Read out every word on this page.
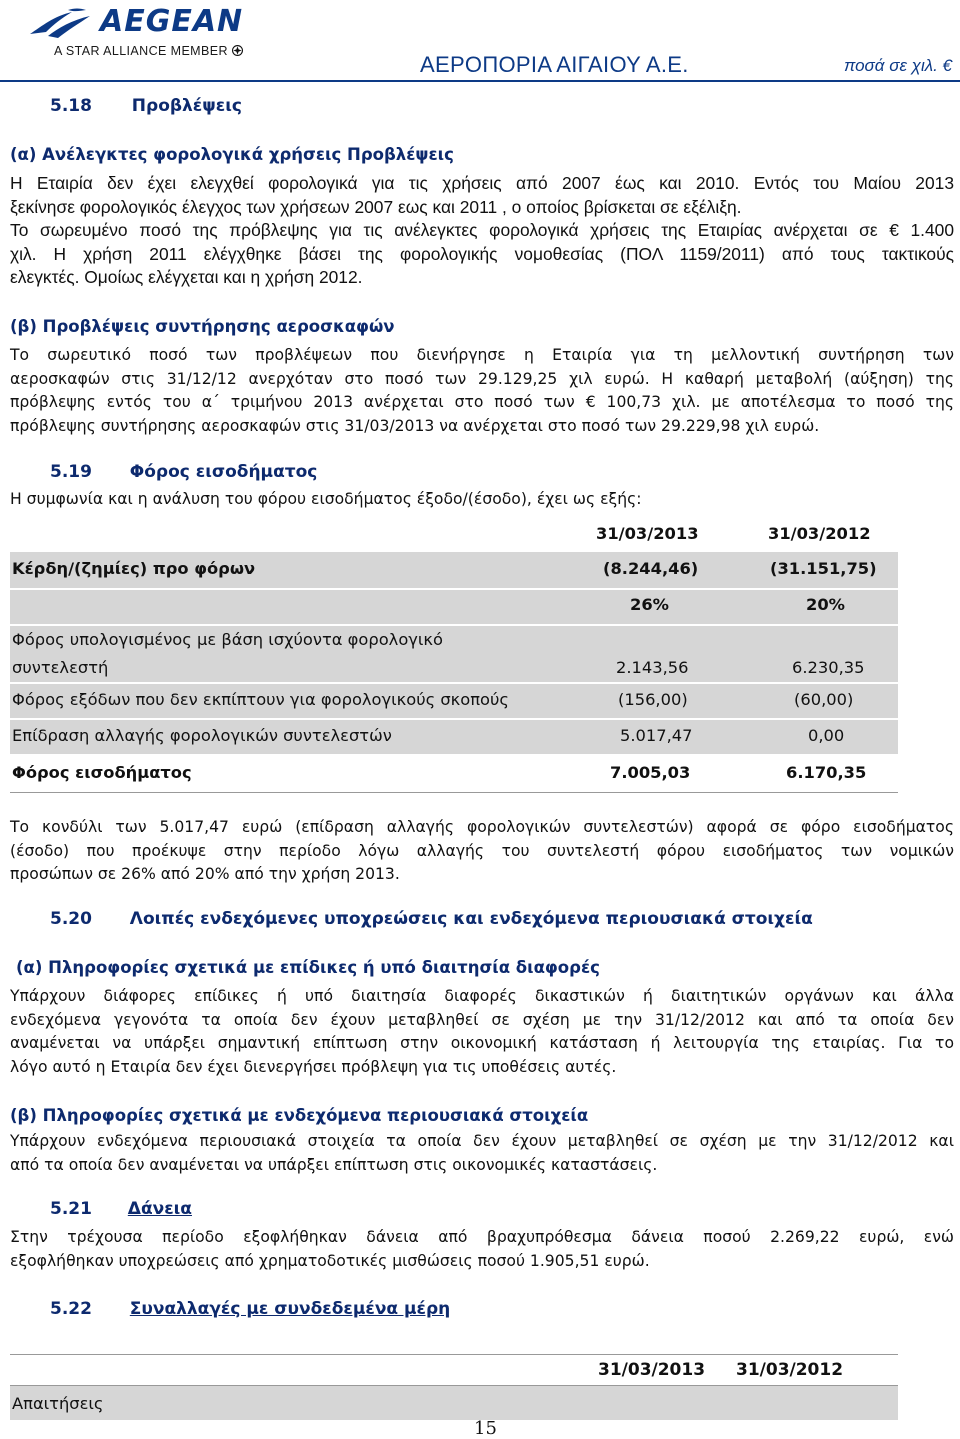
AEGEAN
A STAR ALLIANCE MEMBER
ΑΕΡΟΠΟΡΙΑ ΑΙΓΑΙΟΥ Α.Ε.	ποσά σε χιλ. €
5.18 Προβλέψεις
(α) Ανέλεγκτες φορολογικά χρήσεις Προβλέψεις
Η Εταιρία δεν έχει ελεγχθεί φορολογικά για τις χρήσεις από 2007 έως και 2010. Εντός του Μαίου 2013
ξεκίνησε φορολογικός έλεγχος των χρήσεων 2007 εως και 2011 , ο οποίος βρίσκεται σε εξέλιξη.
Το σωρευμένο ποσό της πρόβλεψης για τις ανέλεγκτες φορολογικά χρήσεις της Εταιρίας ανέρχεται σε € 1.400
χιλ. Η χρήση 2011 ελέγχθηκε βάσει της φορολογικής νομοθεσίας (ΠΟΛ 1159/2011) από τους τακτικούς
ελεγκτές. Ομοίως ελέγχεται και η χρήση 2012.
(β) Προβλέψεις συντήρησης αεροσκαφών
Το σωρευτικό ποσό των προβλέψεων που διενήργησε η Εταιρία για τη μελλοντική συντήρηση των
αεροσκαφών στις 31/12/12 ανερχόταν στο ποσό των 29.129,25 χιλ ευρώ. Η καθαρή μεταβολή (αύξηση) της
πρόβλεψης εντός του α΄ τριμήνου 2013 ανέρχεται στο ποσό των € 100,73 χιλ. με αποτέλεσμα το ποσό της
πρόβλεψης συντήρησης αεροσκαφών στις 31/03/2013 να ανέρχεται στο ποσό των 29.229,98 χιλ ευρώ.
5.19 Φόρος εισοδήματος
Η συμφωνία και η ανάλυση του φόρου εισοδήματος έξοδο/(έσοδο), έχει ως εξής:
31/03/2013	31/03/2012
Κέρδη/(ζημίες) προ φόρων	(8.244,46)	(31.151,75)
26%	20%
Φόρος υπολογισμένος με βάση ισχύοντα φορολογικό
συντελεστή	2.143,56	6.230,35
Φόρος εξόδων που δεν εκπίπτουν για φορολογικούς σκοπούς	(156,00)	(60,00)
Επίδραση αλλαγής φορολογικών συντελεστών	5.017,47	0,00
Φόρος εισοδήματος	7.005,03	6.170,35
Το κονδύλι των 5.017,47 ευρώ (επίδραση αλλαγής φορολογικών συντελεστών) αφορά σε φόρο εισοδήματος
(έσοδο) που προέκυψε στην περίοδο λόγω αλλαγής του συντελεστή φόρου εισοδήματος των νομικών
προσώπων σε 26% από 20% από την χρήση 2013.
5.20 Λοιπές ενδεχόμενες υποχρεώσεις και ενδεχόμενα περιουσιακά στοιχεία
(α) Πληροφορίες σχετικά με επίδικες ή υπό διαιτησία διαφορές
Υπάρχουν διάφορες επίδικες ή υπό διαιτησία διαφορές δικαστικών ή διαιτητικών οργάνων και άλλα
ενδεχόμενα γεγονότα τα οποία δεν έχουν μεταβληθεί σε σχέση με την 31/12/2012 και από τα οποία δεν
αναμένεται να υπάρξει σημαντική επίπτωση στην οικονομική κατάσταση ή λειτουργία της εταιρίας. Για το
λόγο αυτό η Εταιρία δεν έχει διενεργήσει πρόβλεψη για τις υποθέσεις αυτές.
(β) Πληροφορίες σχετικά με ενδεχόμενα περιουσιακά στοιχεία
Υπάρχουν ενδεχόμενα περιουσιακά στοιχεία τα οποία δεν έχουν μεταβληθεί σε σχέση με την 31/12/2012 και
από τα οποία δεν αναμένεται να υπάρξει επίπτωση στις οικονομικές καταστάσεις.
5.21 Δάνεια
Στην τρέχουσα περίοδο εξοφλήθηκαν δάνεια από βραχυπρόθεσμα δάνεια ποσού 2.269,22 ευρώ, ενώ
εξοφλήθηκαν υποχρεώσεις από χρηματοδοτικές μισθώσεις ποσού 1.905,51 ευρώ.
5.22 Συναλλαγές με συνδεδεμένα μέρη
31/03/2013 31/03/2012
Απαιτήσεις
15
